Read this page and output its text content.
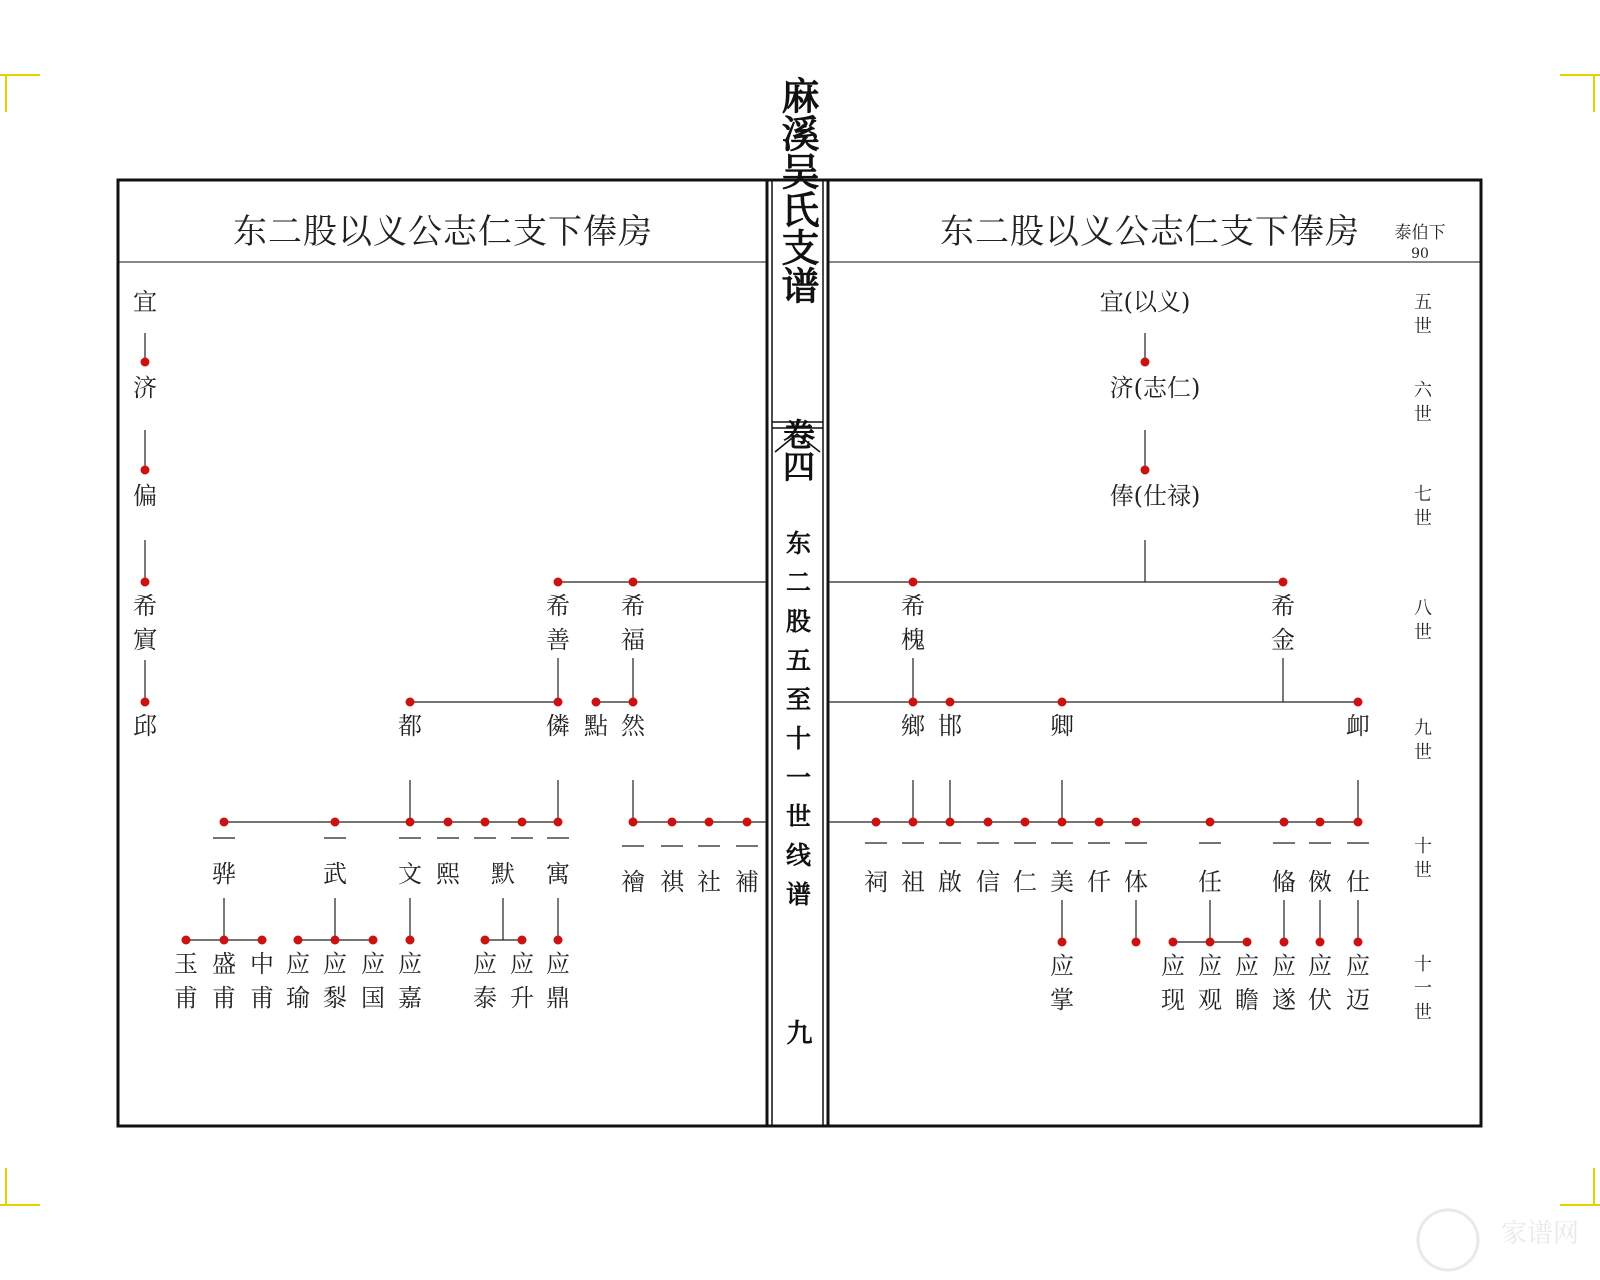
麻溪吴氏支谱
卷四
东二股五至十一世线谱
九
东二股以义公志仁支下俸房	东二股以义公志仁支下俸房 泰伯下
90
宜
济
偏
希賔
邱
希善
希福
都	僯 點 然
骅	武 文 熙 默 寓 禬 祺 社 補
玉甫
盛甫
中甫
应瑜
应㴝
应国
应嘉
应泰
应升
应鼎
宜(以义)
济(志仁)
俸(仕禄)
希槐
希金
鄉 邯	卿	卹
祠 祖 啟 信 仁 美 仟 体 任 偹 傚 仕
应掌
应现
应观
应瞻
应遂
应伏
应迈
五世
六世
七世
八世
九世
十世
十一世
家谱网
